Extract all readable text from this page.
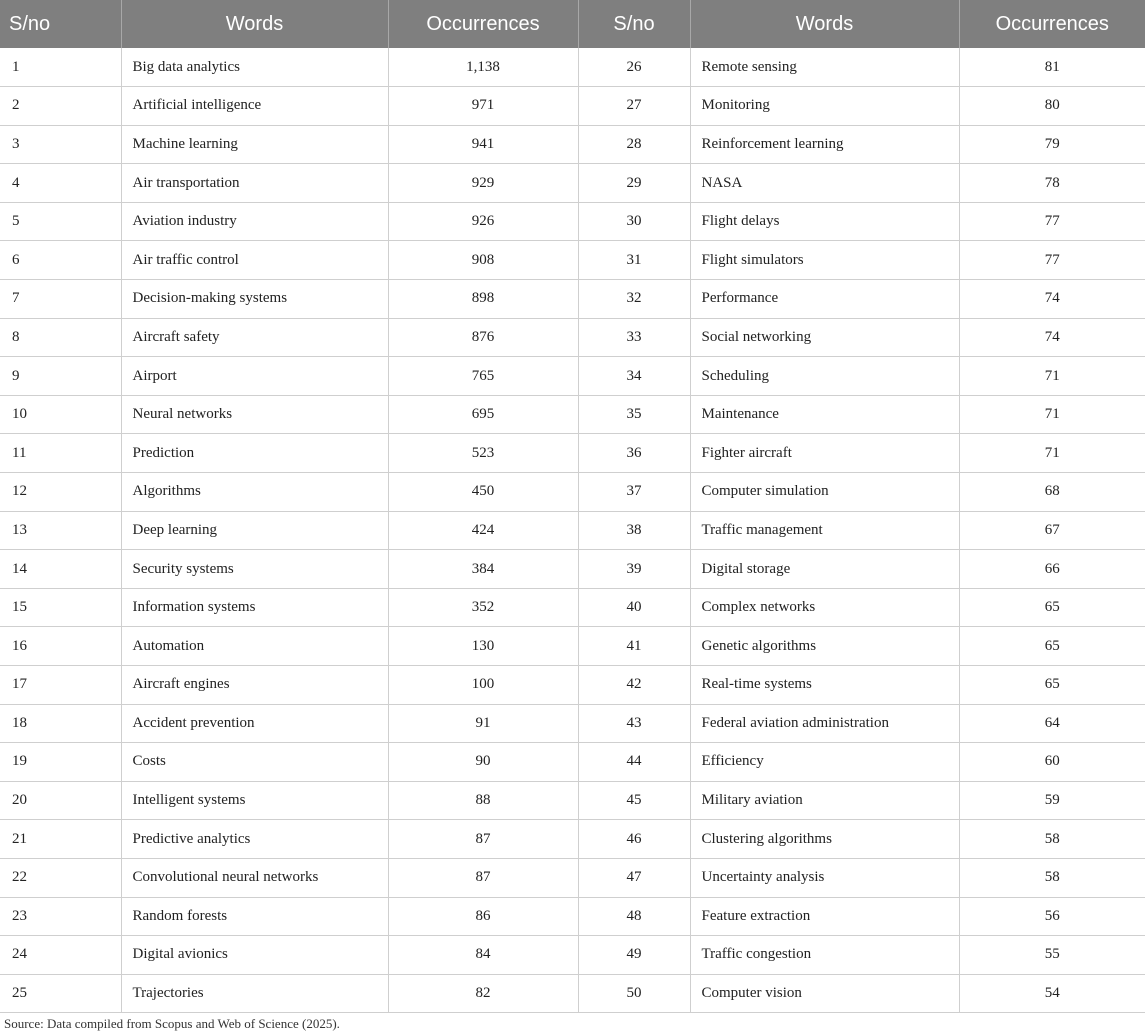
S/no	Words	Occurrences	S/no	Words	Occurrences
1	Big data analytics	1,138	26	Remote sensing	81
2	Artificial intelligence	971	27	Monitoring	80
3	Machine learning	941	28	Reinforcement learning	79
4	Air transportation	929	29	NASA	78
5	Aviation industry	926	30	Flight delays	77
6	Air traffic control	908	31	Flight simulators	77
7	Decision-making systems	898	32	Performance	74
8	Aircraft safety	876	33	Social networking	74
9	Airport	765	34	Scheduling	71
10	Neural networks	695	35	Maintenance	71
11	Prediction	523	36	Fighter aircraft	71
12	Algorithms	450	37	Computer simulation	68
13	Deep learning	424	38	Traffic management	67
14	Security systems	384	39	Digital storage	66
15	Information systems	352	40	Complex networks	65
16	Automation	130	41	Genetic algorithms	65
17	Aircraft engines	100	42	Real-time systems	65
18	Accident prevention	91	43	Federal aviation administration	64
19	Costs	90	44	Efficiency	60
20	Intelligent systems	88	45	Military aviation	59
21	Predictive analytics	87	46	Clustering algorithms	58
22	Convolutional neural networks	87	47	Uncertainty analysis	58
23	Random forests	86	48	Feature extraction	56
24	Digital avionics	84	49	Traffic congestion	55
25	Trajectories	82	50	Computer vision	54

Source: Data compiled from Scopus and Web of Science (2025).
